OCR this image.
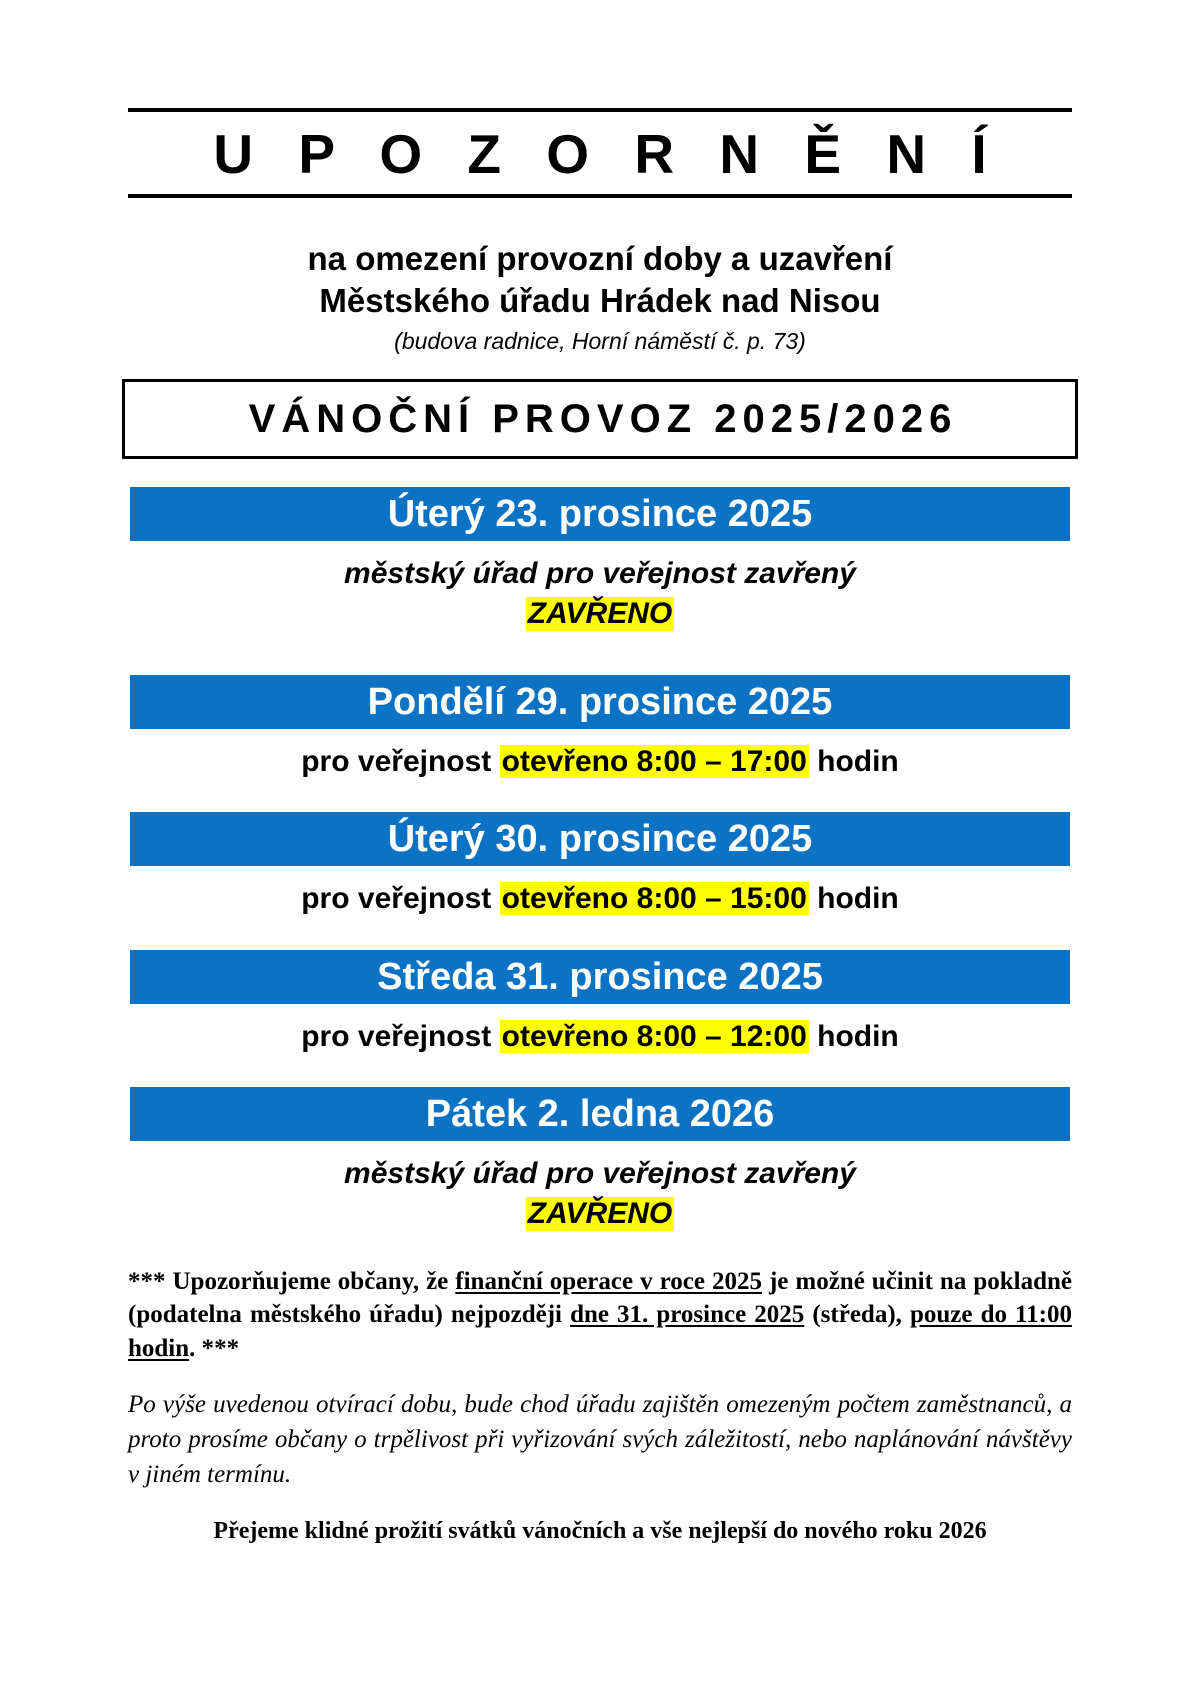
U P O Z O R N Ě N Í
na omezení provozní doby a uzavření
Městského úřadu Hrádek nad Nisou
(budova radnice, Horní náměstí č. p. 73)
VÁNOČNÍ PROVOZ 2025/2026
Úterý 23. prosince 2025
městský úřad pro veřejnost zavřený
ZAVŘENO
Pondělí 29. prosince 2025
pro veřejnost otevřeno 8:00 – 17:00 hodin
Úterý 30. prosince 2025
pro veřejnost otevřeno 8:00 – 15:00 hodin
Středa 31. prosince 2025
pro veřejnost otevřeno 8:00 – 12:00 hodin
Pátek 2. ledna 2026
městský úřad pro veřejnost zavřený
ZAVŘENO
*** Upozorňujeme občany, že finanční operace v roce 2025 je možné učinit na pokladně (podatelna městského úřadu) nejpozději dne 31. prosince 2025 (středa), pouze do 11:00 hodin. ***
Po výše uvedenou otvírací dobu, bude chod úřadu zajištěn omezeným počtem zaměstnanců, a proto prosíme občany o trpělivost při vyřizování svých záležitostí, nebo naplánování návštěvy v jiném termínu.
Přejeme klidné prožití svátků vánočních a vše nejlepší do nového roku 2026
